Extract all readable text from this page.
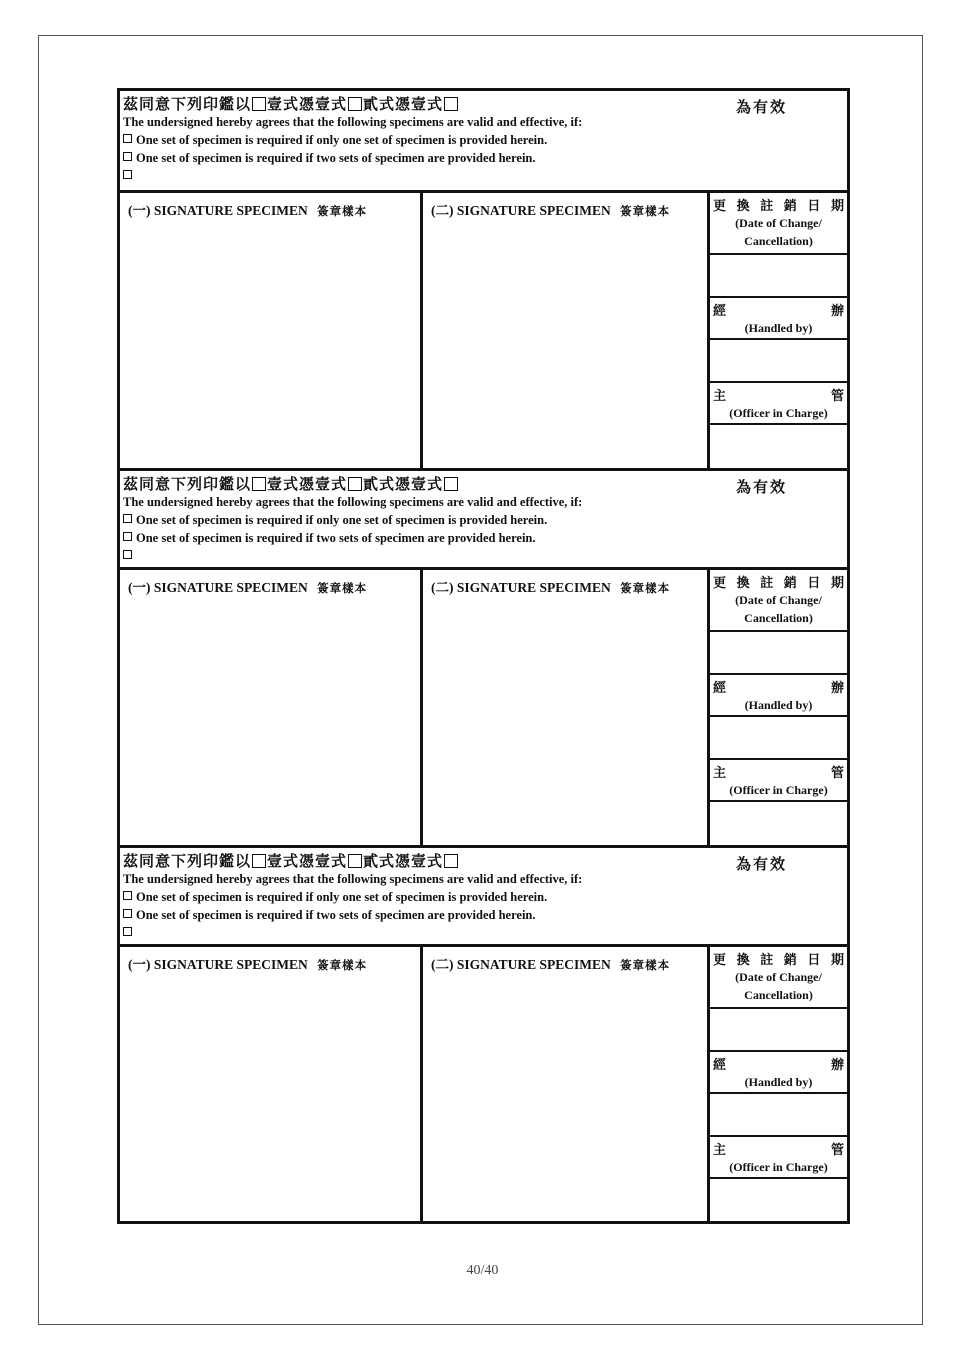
茲同意下列印鑑以 壹式憑壹式 貳式憑壹式	為有效
The undersigned hereby agrees that the following specimens are valid and effective, if:
One set of specimen is required if only one set of specimen is provided herein.
One set of specimen is required if two sets of specimen are provided herein.
(一) SIGNATURE SPECIMEN 簽章樣本	(二) SIGNATURE SPECIMEN 簽章樣本	更 換 註 銷 日 期
(Date of Change/
Cancellation)
經	辦
(Handled by)
主	管
(Officer in Charge)
茲同意下列印鑑以 壹式憑壹式 貳式憑壹式	為有效
The undersigned hereby agrees that the following specimens are valid and effective, if:
One set of specimen is required if only one set of specimen is provided herein.
One set of specimen is required if two sets of specimen are provided herein.
(一) SIGNATURE SPECIMEN 簽章樣本	(二) SIGNATURE SPECIMEN 簽章樣本	更 換 註 銷 日 期
(Date of Change/
Cancellation)
經	辦
(Handled by)
主	管
(Officer in Charge)
茲同意下列印鑑以 壹式憑壹式 貳式憑壹式	為有效
The undersigned hereby agrees that the following specimens are valid and effective, if:
One set of specimen is required if only one set of specimen is provided herein.
One set of specimen is required if two sets of specimen are provided herein.
(一) SIGNATURE SPECIMEN 簽章樣本	(二) SIGNATURE SPECIMEN 簽章樣本	更 換 註 銷 日 期
(Date of Change/
Cancellation)
經	辦
(Handled by)
主	管
(Officer in Charge)
40/40
